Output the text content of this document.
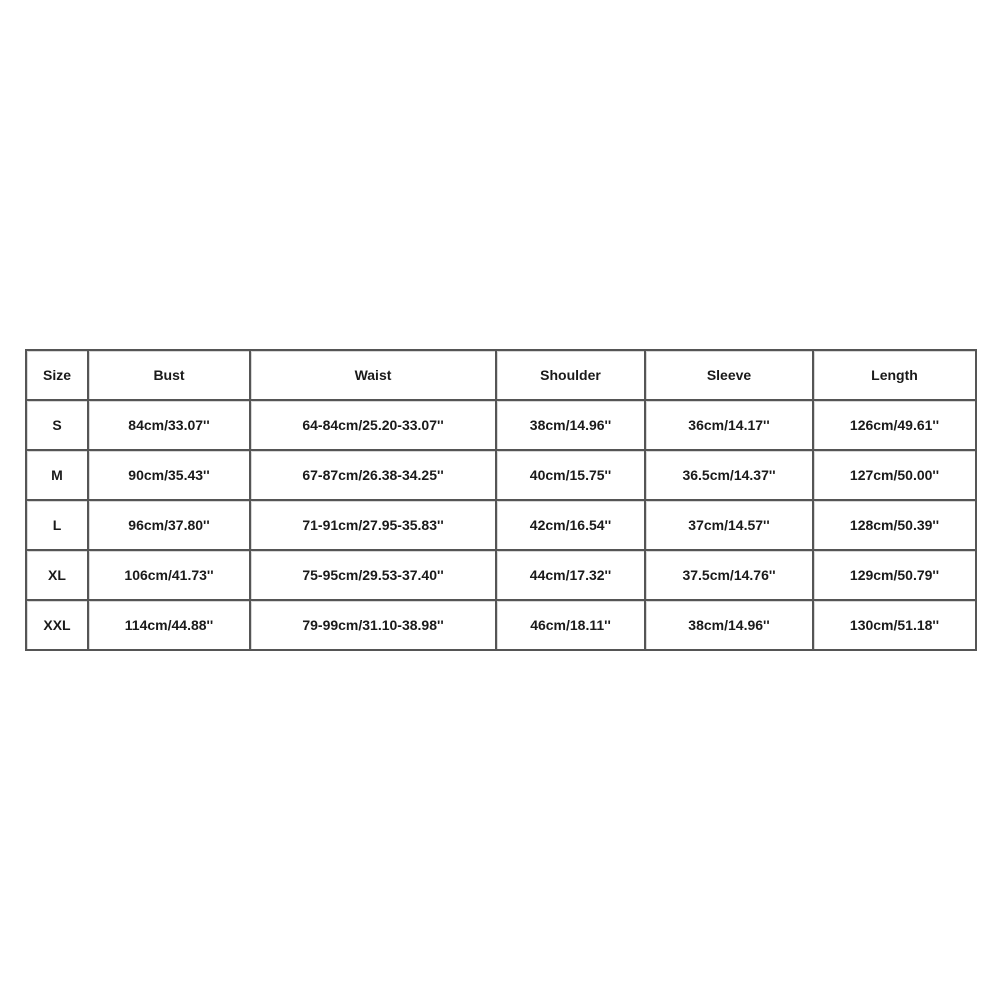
Size	Bust	Waist	Shoulder	Sleeve	Length
S	84cm/33.07''	64-84cm/25.20-33.07''	38cm/14.96''	36cm/14.17''	126cm/49.61''
M	90cm/35.43''	67-87cm/26.38-34.25''	40cm/15.75''	36.5cm/14.37''	127cm/50.00''
L	96cm/37.80''	71-91cm/27.95-35.83''	42cm/16.54''	37cm/14.57''	128cm/50.39''
XL	106cm/41.73''	75-95cm/29.53-37.40''	44cm/17.32''	37.5cm/14.76''	129cm/50.79''
XXL	114cm/44.88''	79-99cm/31.10-38.98''	46cm/18.11''	38cm/14.96''	130cm/51.18''
